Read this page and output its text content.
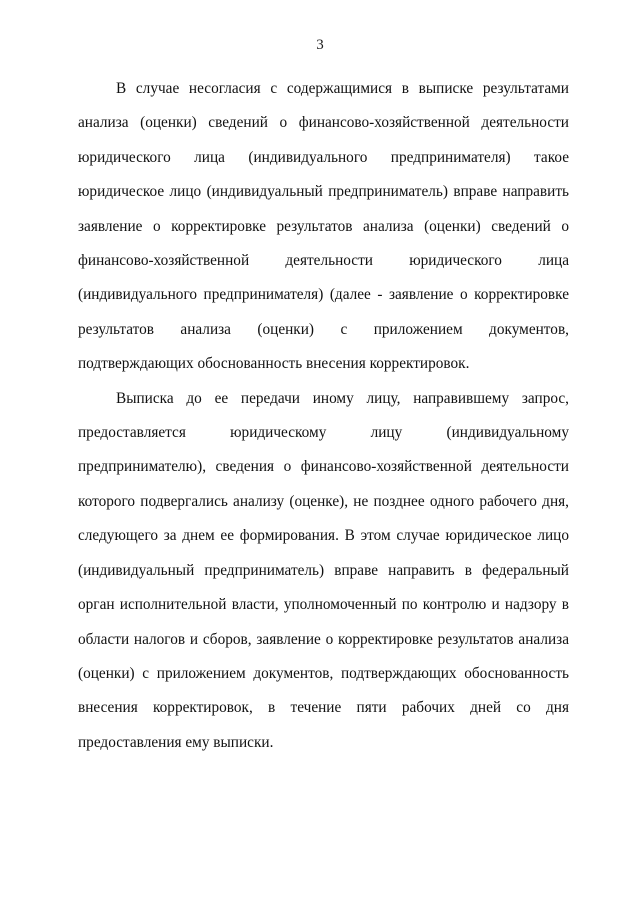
3

В случае несогласия с содержащимися в выписке результатами анализа (оценки) сведений о финансово-хозяйственной деятельности юридического лица (индивидуального предпринимателя) такое юридическое лицо (индивидуальный предприниматель) вправе направить заявление о корректировке результатов анализа (оценки) сведений о финансово-хозяйственной деятельности юридического лица (индивидуального предпринимателя) (далее - заявление о корректировке результатов анализа (оценки) с приложением документов, подтверждающих обоснованность внесения корректировок.

Выписка до ее передачи иному лицу, направившему запрос, предоставляется юридическому лицу (индивидуальному предпринимателю), сведения о финансово-хозяйственной деятельности которого подвергались анализу (оценке), не позднее одного рабочего дня, следующего за днем ее формирования. В этом случае юридическое лицо (индивидуальный предприниматель) вправе направить в федеральный орган исполнительной власти, уполномоченный по контролю и надзору в области налогов и сборов, заявление о корректировке результатов анализа (оценки) с приложением документов, подтверждающих обоснованность внесения корректировок, в течение пяти рабочих дней со дня предоставления ему выписки.
